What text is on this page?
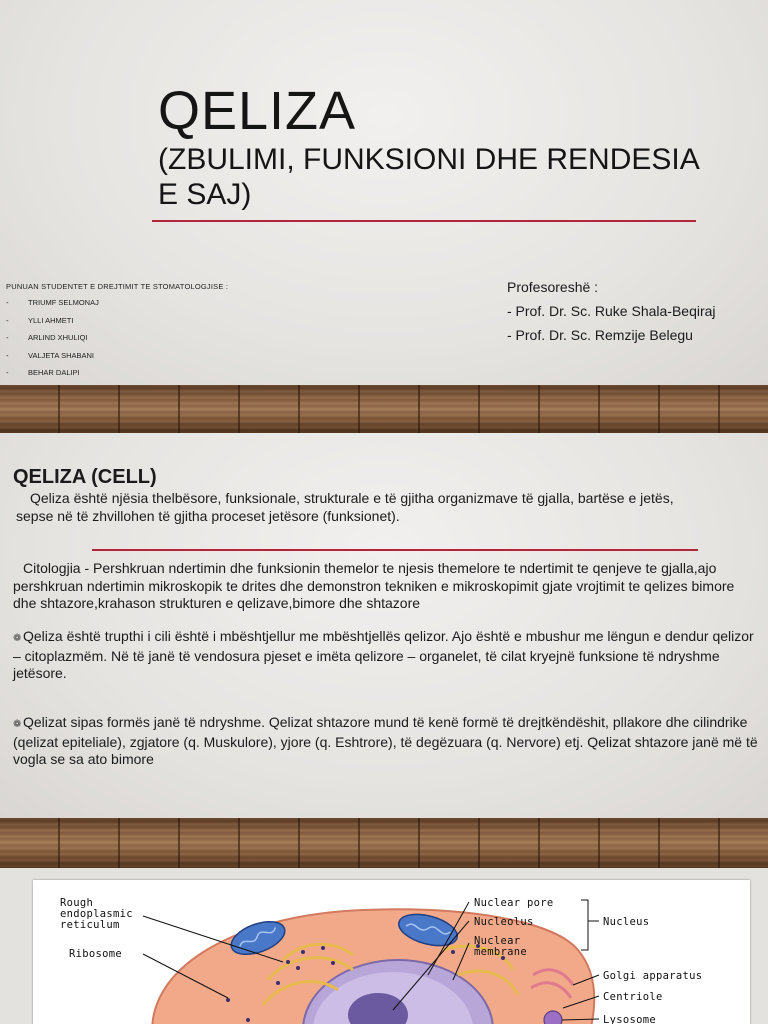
QELIZA
(ZBULIMI, FUNKSIONI DHE RENDESIA E SAJ)
PUNUAN STUDENTET E DREJTIMIT TE STOMATOLOGJISE :
-	TRIUMF SELMONAJ
-	YLLI AHMETI
-	ARLIND XHULIQI
-	VALJETA SHABANI
-	BEHAR DALIPI
Profesoreshë :
- Prof. Dr. Sc. Ruke Shala-Beqiraj
- Prof. Dr. Sc. Remzije Belegu
QELIZA (CELL)
Qeliza është njësia thelbësore, funksionale, strukturale e të gjitha organizmave të gjalla, bartëse e jetës,
sepse në të zhvillohen të gjitha proceset jetësore (funksionet).
Citologjia - Pershkruan ndertimin dhe funksionin themelor te njesis themelore te ndertimit te qenjeve te gjalla,ajo pershkruan ndertimin mikroskopik te drites dhe demonstron tekniken e mikroskopimit gjate vrojtimit te qelizes bimore dhe shtazore,krahason strukturen e qelizave,bimore dhe shtazore
❁ Qeliza është trupthi i cili është i mbështjellur me mbështjellës qelizor. Ajo është e mbushur me lëngun e dendur qelizor – citoplazmëm. Në të janë të vendosura pjeset e imëta qelizore – organelet, të cilat kryejnë funksione të ndryshme jetësore.
❁ Qelizat sipas formës janë të ndryshme. Qelizat shtazore mund të kenë formë të drejtkëndëshit, pllakore dhe cilindrike (qelizat epiteliale), zgjatore (q. Muskulore), yjore (q. Eshtrore), të degëzuara (q. Nervore) etj. Qelizat shtazore janë më të vogla se sa ato bimore
Rough
endoplasmic
reticulum
Ribosome
Nuclear pore
Nucleolus
Nuclear
membrane
Nucleus
Golgi apparatus
Centriole
Lysosome
